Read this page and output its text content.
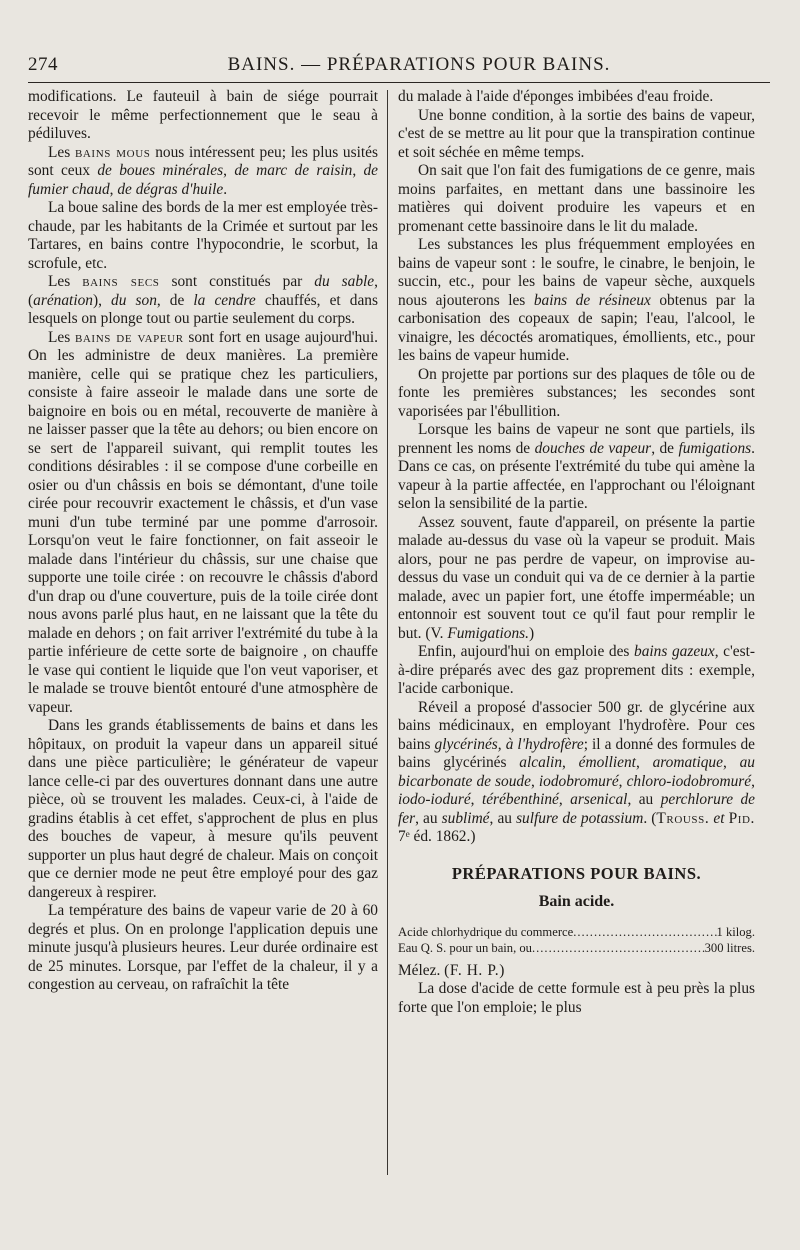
274	BAINS. — PRÉPARATIONS POUR BAINS.

modifications. Le fauteuil à bain de siége pourrait recevoir le même perfectionnement que le seau à pédiluves.

Les bains mous nous intéressent peu; les plus usités sont ceux de boues minérales, de marc de raisin, de fumier chaud, de dégras d'huile.

La boue saline des bords de la mer est employée très-chaude, par les habitants de la Crimée et surtout par les Tartares, en bains contre l'hypocondrie, le scorbut, la scrofule, etc.

Les bains secs sont constitués par du sable, (arénation), du son, de la cendre chauffés, et dans lesquels on plonge tout ou partie seulement du corps.

Les bains de vapeur sont fort en usage aujourd'hui. On les administre de deux manières. La première manière, celle qui se pratique chez les particuliers, consiste à faire asseoir le malade dans une sorte de baignoire en bois ou en métal, recouverte de manière à ne laisser passer que la tête au dehors; ou bien encore on se sert de l'appareil suivant, qui remplit toutes les conditions désirables : il se compose d'une corbeille en osier ou d'un châssis en bois se démontant, d'une toile cirée pour recouvrir exactement le châssis, et d'un vase muni d'un tube terminé par une pomme d'arrosoir. Lorsqu'on veut le faire fonctionner, on fait asseoir le malade dans l'intérieur du châssis, sur une chaise que supporte une toile cirée : on recouvre le châssis d'abord d'un drap ou d'une couverture, puis de la toile cirée dont nous avons parlé plus haut, en ne laissant que la tête du malade en dehors ; on fait arriver l'extrémité du tube à la partie inférieure de cette sorte de baignoire , on chauffe le vase qui contient le liquide que l'on veut vaporiser, et le malade se trouve bientôt entouré d'une atmosphère de vapeur.

Dans les grands établissements de bains et dans les hôpitaux, on produit la vapeur dans un appareil situé dans une pièce particulière; le générateur de vapeur lance celle-ci par des ouvertures donnant dans une autre pièce, où se trouvent les malades. Ceux-ci, à l'aide de gradins établis à cet effet, s'approchent de plus en plus des bouches de vapeur, à mesure qu'ils peuvent supporter un plus haut degré de chaleur. Mais on conçoit que ce dernier mode ne peut être employé pour des gaz dangereux à respirer.

La température des bains de vapeur varie de 20 à 60 degrés et plus. On en prolonge l'application depuis une minute jusqu'à plusieurs heures. Leur durée ordinaire est de 25 minutes. Lorsque, par l'effet de la chaleur, il y a congestion au cerveau, on rafraîchit la tête

du malade à l'aide d'éponges imbibées d'eau froide.

Une bonne condition, à la sortie des bains de vapeur, c'est de se mettre au lit pour que la transpiration continue et soit séchée en même temps.

On sait que l'on fait des fumigations de ce genre, mais moins parfaites, en mettant dans une bassinoire les matières qui doivent produire les vapeurs et en promenant cette bassinoire dans le lit du malade.

Les substances les plus fréquemment employées en bains de vapeur sont : le soufre, le cinabre, le benjoin, le succin, etc., pour les bains de vapeur sèche, auxquels nous ajouterons les bains de résineux obtenus par la carbonisation des copeaux de sapin; l'eau, l'alcool, le vinaigre, les décoctés aromatiques, émollients, etc., pour les bains de vapeur humide.

On projette par portions sur des plaques de tôle ou de fonte les premières substances; les secondes sont vaporisées par l'ébullition.

Lorsque les bains de vapeur ne sont que partiels, ils prennent les noms de douches de vapeur, de fumigations. Dans ce cas, on présente l'extrémité du tube qui amène la vapeur à la partie affectée, en l'approchant ou l'éloignant selon la sensibilité de la partie.

Assez souvent, faute d'appareil, on présente la partie malade au-dessus du vase où la vapeur se produit. Mais alors, pour ne pas perdre de vapeur, on improvise au-dessus du vase un conduit qui va de ce dernier à la partie malade, avec un papier fort, une étoffe imperméable; un entonnoir est souvent tout ce qu'il faut pour remplir le but. (V. Fumigations.)

Enfin, aujourd'hui on emploie des bains gazeux, c'est-à-dire préparés avec des gaz proprement dits : exemple, l'acide carbonique.

Réveil a proposé d'associer 500 gr. de glycérine aux bains médicinaux, en employant l'hydrofère. Pour ces bains glycérinés, à l'hydrofère; il a donné des formules de bains glycérinés alcalin, émollient, aromatique, au bicarbonate de soude, iodobromuré, chloro-iodobromuré, iodo-ioduré, térébenthiné, arsenical, au perchlorure de fer, au sublimé, au sulfure de potassium. (Trouss. et Pid. 7ᵉ éd. 1862.)

PRÉPARATIONS POUR BAINS.
Bain acide.
Acide chlorhydrique du commerce .....	1 kilog.
Eau Q. S. pour un bain, ou .....	300 litres.

Mélez. (F. H. P.)

La dose d'acide de cette formule est à peu près la plus forte que l'on emploie; le plus
